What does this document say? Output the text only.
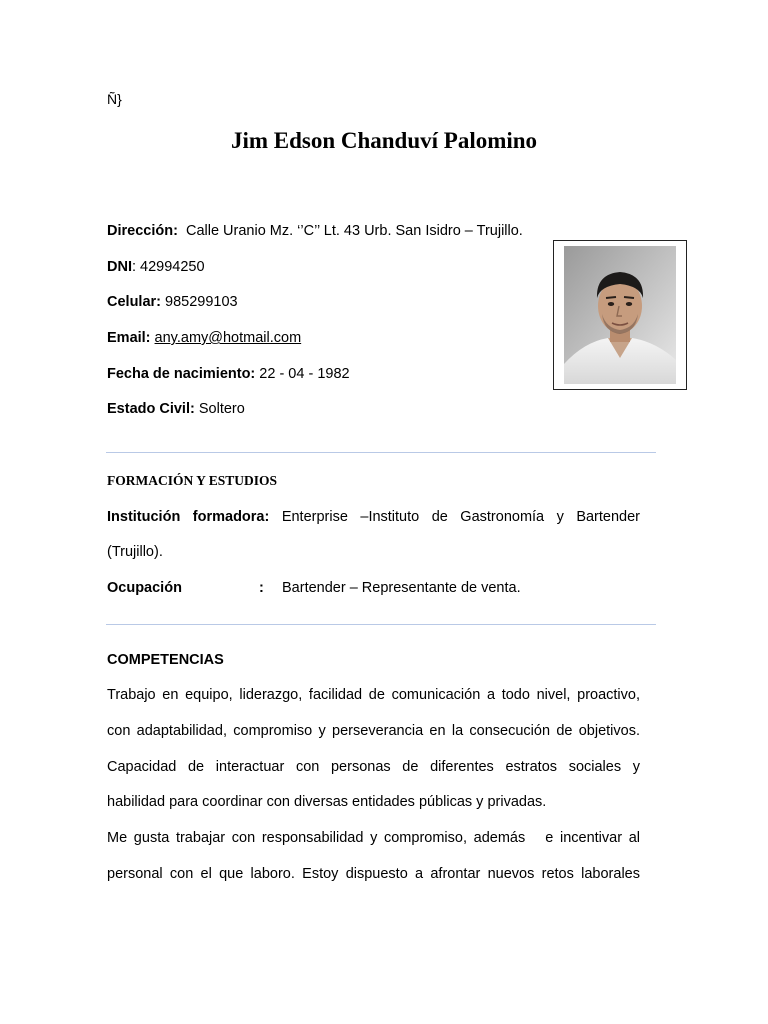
Ñ}
Jim Edson Chanduví Palomino
Dirección: Calle Uranio Mz. ‘’C’’ Lt. 43 Urb. San Isidro – Trujillo.
DNI: 42994250
Celular: 985299103
Email: any.amy@hotmail.com
Fecha de nacimiento: 22 - 04 - 1982
Estado Civil: Soltero
FORMACIÓN Y ESTUDIOS
Institución formadora: Enterprise –Instituto de Gastronomía y Bartender
(Trujillo).
Ocupación	: Bartender – Representante de venta.
COMPETENCIAS
Trabajo en equipo, liderazgo, facilidad de comunicación a todo nivel, proactivo,
con adaptabilidad, compromiso y perseverancia en la consecución de objetivos.
Capacidad de interactuar con personas de diferentes estratos sociales y
habilidad para coordinar con diversas entidades públicas y privadas.
Me gusta trabajar con responsabilidad y compromiso, además   e incentivar al
personal con el que laboro. Estoy dispuesto a afrontar nuevos retos laborales
